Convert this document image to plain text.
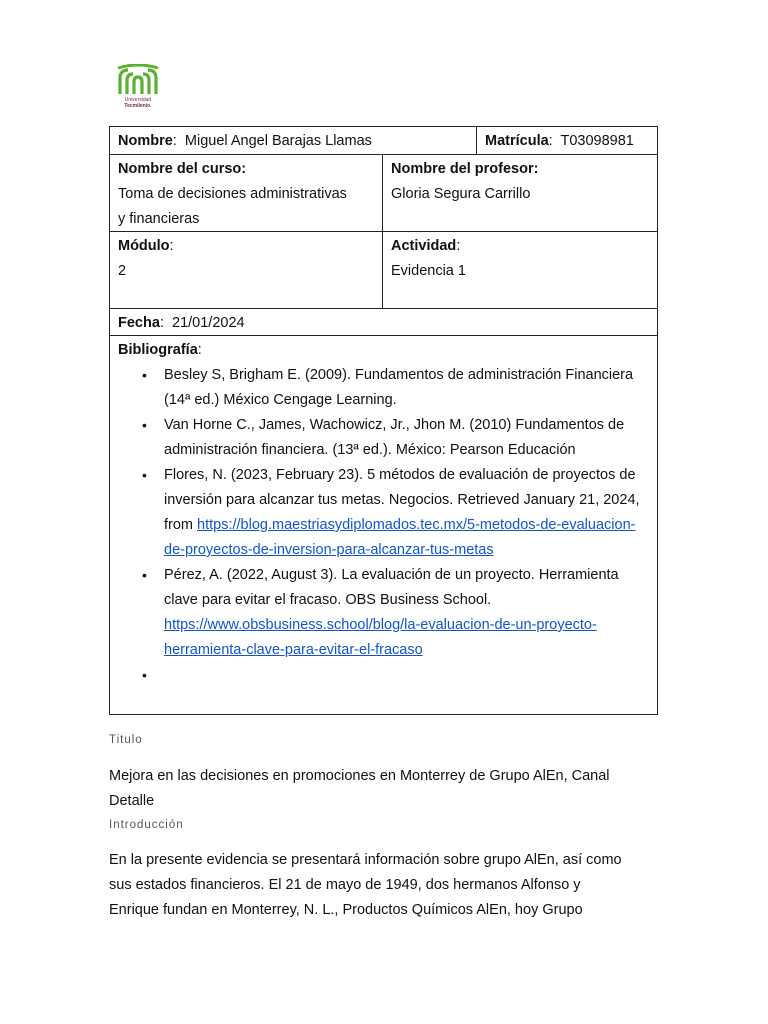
Universidad
Tecmilenio.
Nombre:  Miguel Angel Barajas Llamas	Matrícula:  T03098981
Nombre del curso:
Toma de decisiones administrativas
y financieras
Nombre del profesor:
Gloria Segura Carrillo
Módulo:
2
Actividad:
Evidencia 1
Fecha:  21/01/2024
Bibliografía:
• Besley S, Brigham E. (2009). Fundamentos de administración Financiera (14ª ed.) México Cengage Learning.
• Van Horne C., James, Wachowicz, Jr., Jhon M. (2010) Fundamentos de administración financiera. (13ª ed.). México: Pearson Educación
• Flores, N. (2023, February 23). 5 métodos de evaluación de proyectos de inversión para alcanzar tus metas. Negocios. Retrieved January 21, 2024, from https://blog.maestriasydiplomados.tec.mx/5-metodos-de-evaluacion-de-proyectos-de-inversion-para-alcanzar-tus-metas
• Pérez, A. (2022, August 3). La evaluación de un proyecto. Herramienta clave para evitar el fracaso. OBS Business School. https://www.obsbusiness.school/blog/la-evaluacion-de-un-proyecto-herramienta-clave-para-evitar-el-fracaso
•
Titulo
Mejora en las decisiones en promociones en Monterrey de Grupo AlEn, Canal
Detalle
Introducción
En la presente evidencia se presentará información sobre grupo AlEn, así como
sus estados financieros. El 21 de mayo de 1949, dos hermanos Alfonso y
Enrique fundan en Monterrey, N. L., Productos Químicos AlEn, hoy Grupo
